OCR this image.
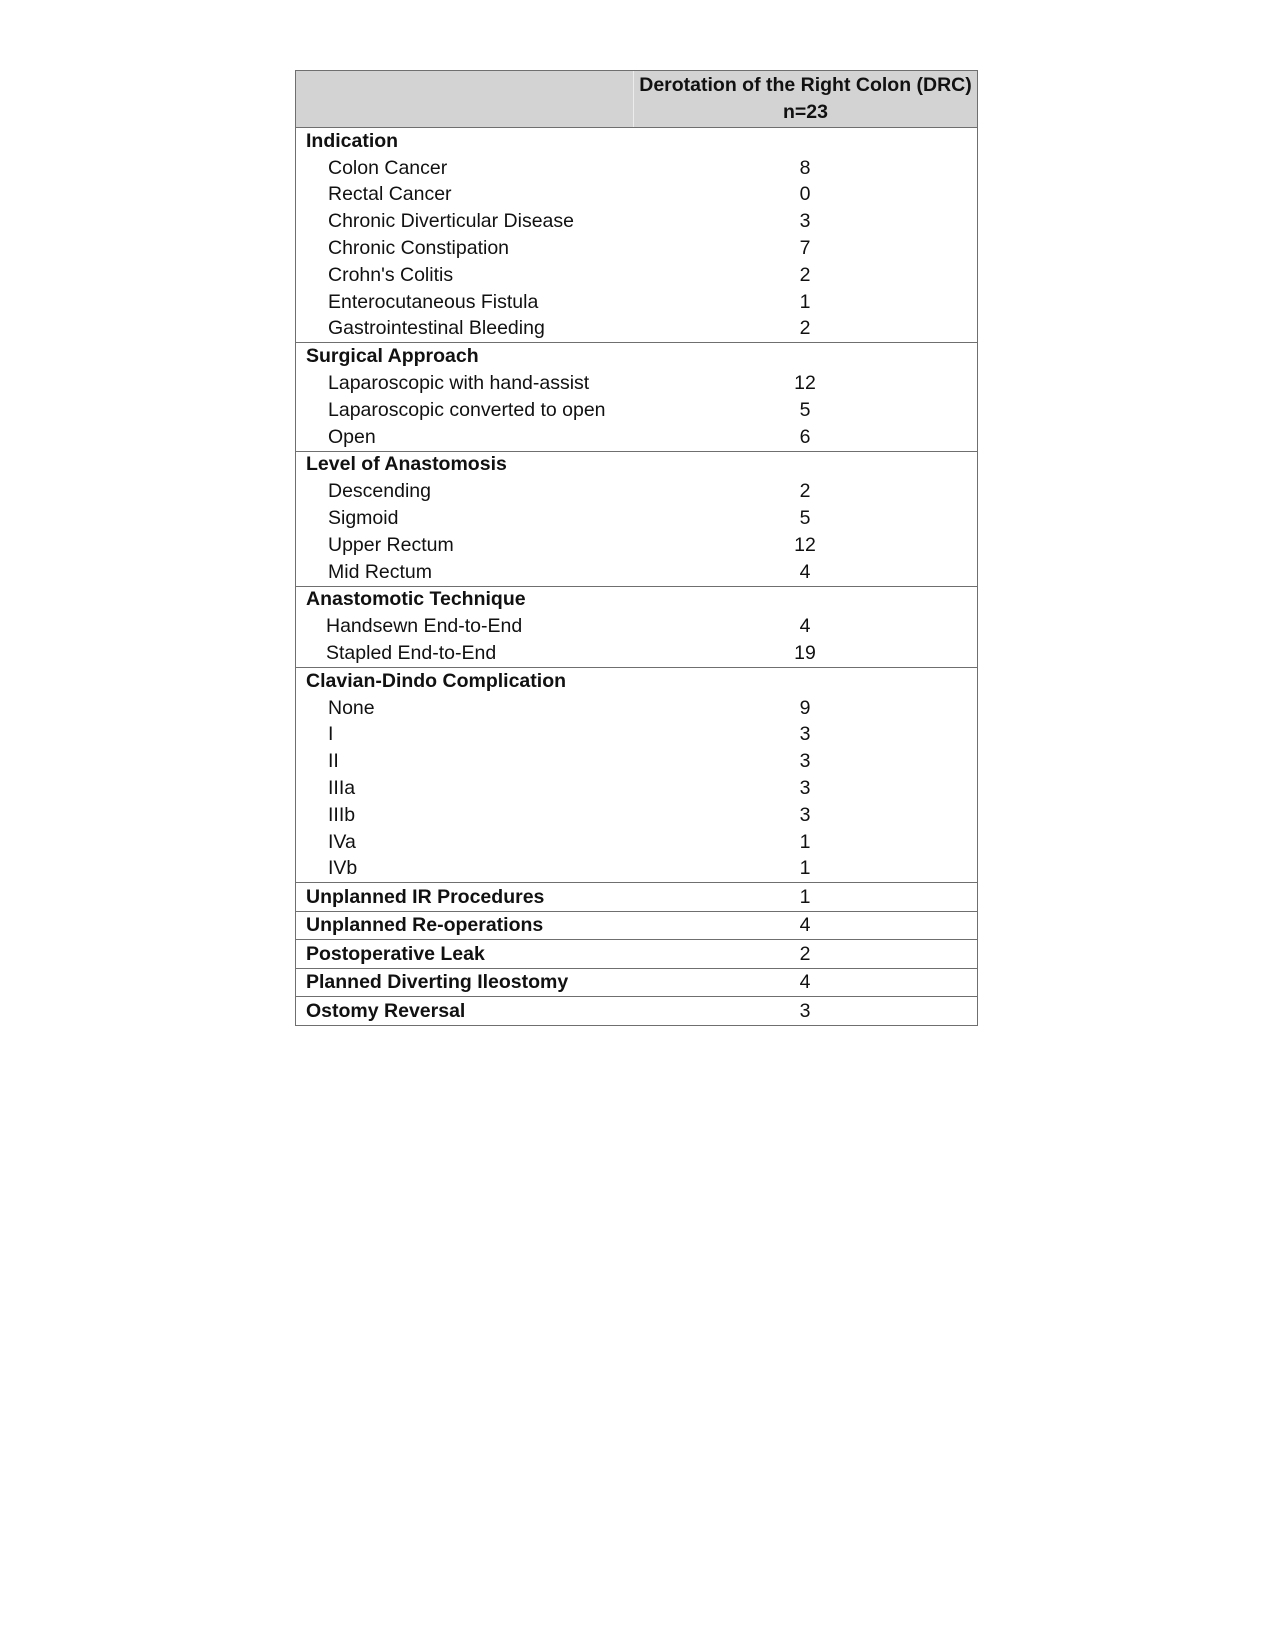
Derotation of the Right Colon (DRC)
n=23
Indication
Colon Cancer	8
Rectal Cancer	0
Chronic Diverticular Disease	3
Chronic Constipation	7
Crohn's Colitis	2
Enterocutaneous Fistula	1
Gastrointestinal Bleeding	2
Surgical Approach
Laparoscopic with hand-assist	12
Laparoscopic converted to open	5
Open	6
Level of Anastomosis
Descending	2
Sigmoid	5
Upper Rectum	12
Mid Rectum	4
Anastomotic Technique
Handsewn End-to-End	4
Stapled End-to-End	19
Clavian-Dindo Complication
None	9
I	3
II	3
IIIa	3
IIIb	3
IVa	1
IVb	1
Unplanned IR Procedures	1
Unplanned Re-operations	4
Postoperative Leak	2
Planned Diverting Ileostomy	4
Ostomy Reversal	3
